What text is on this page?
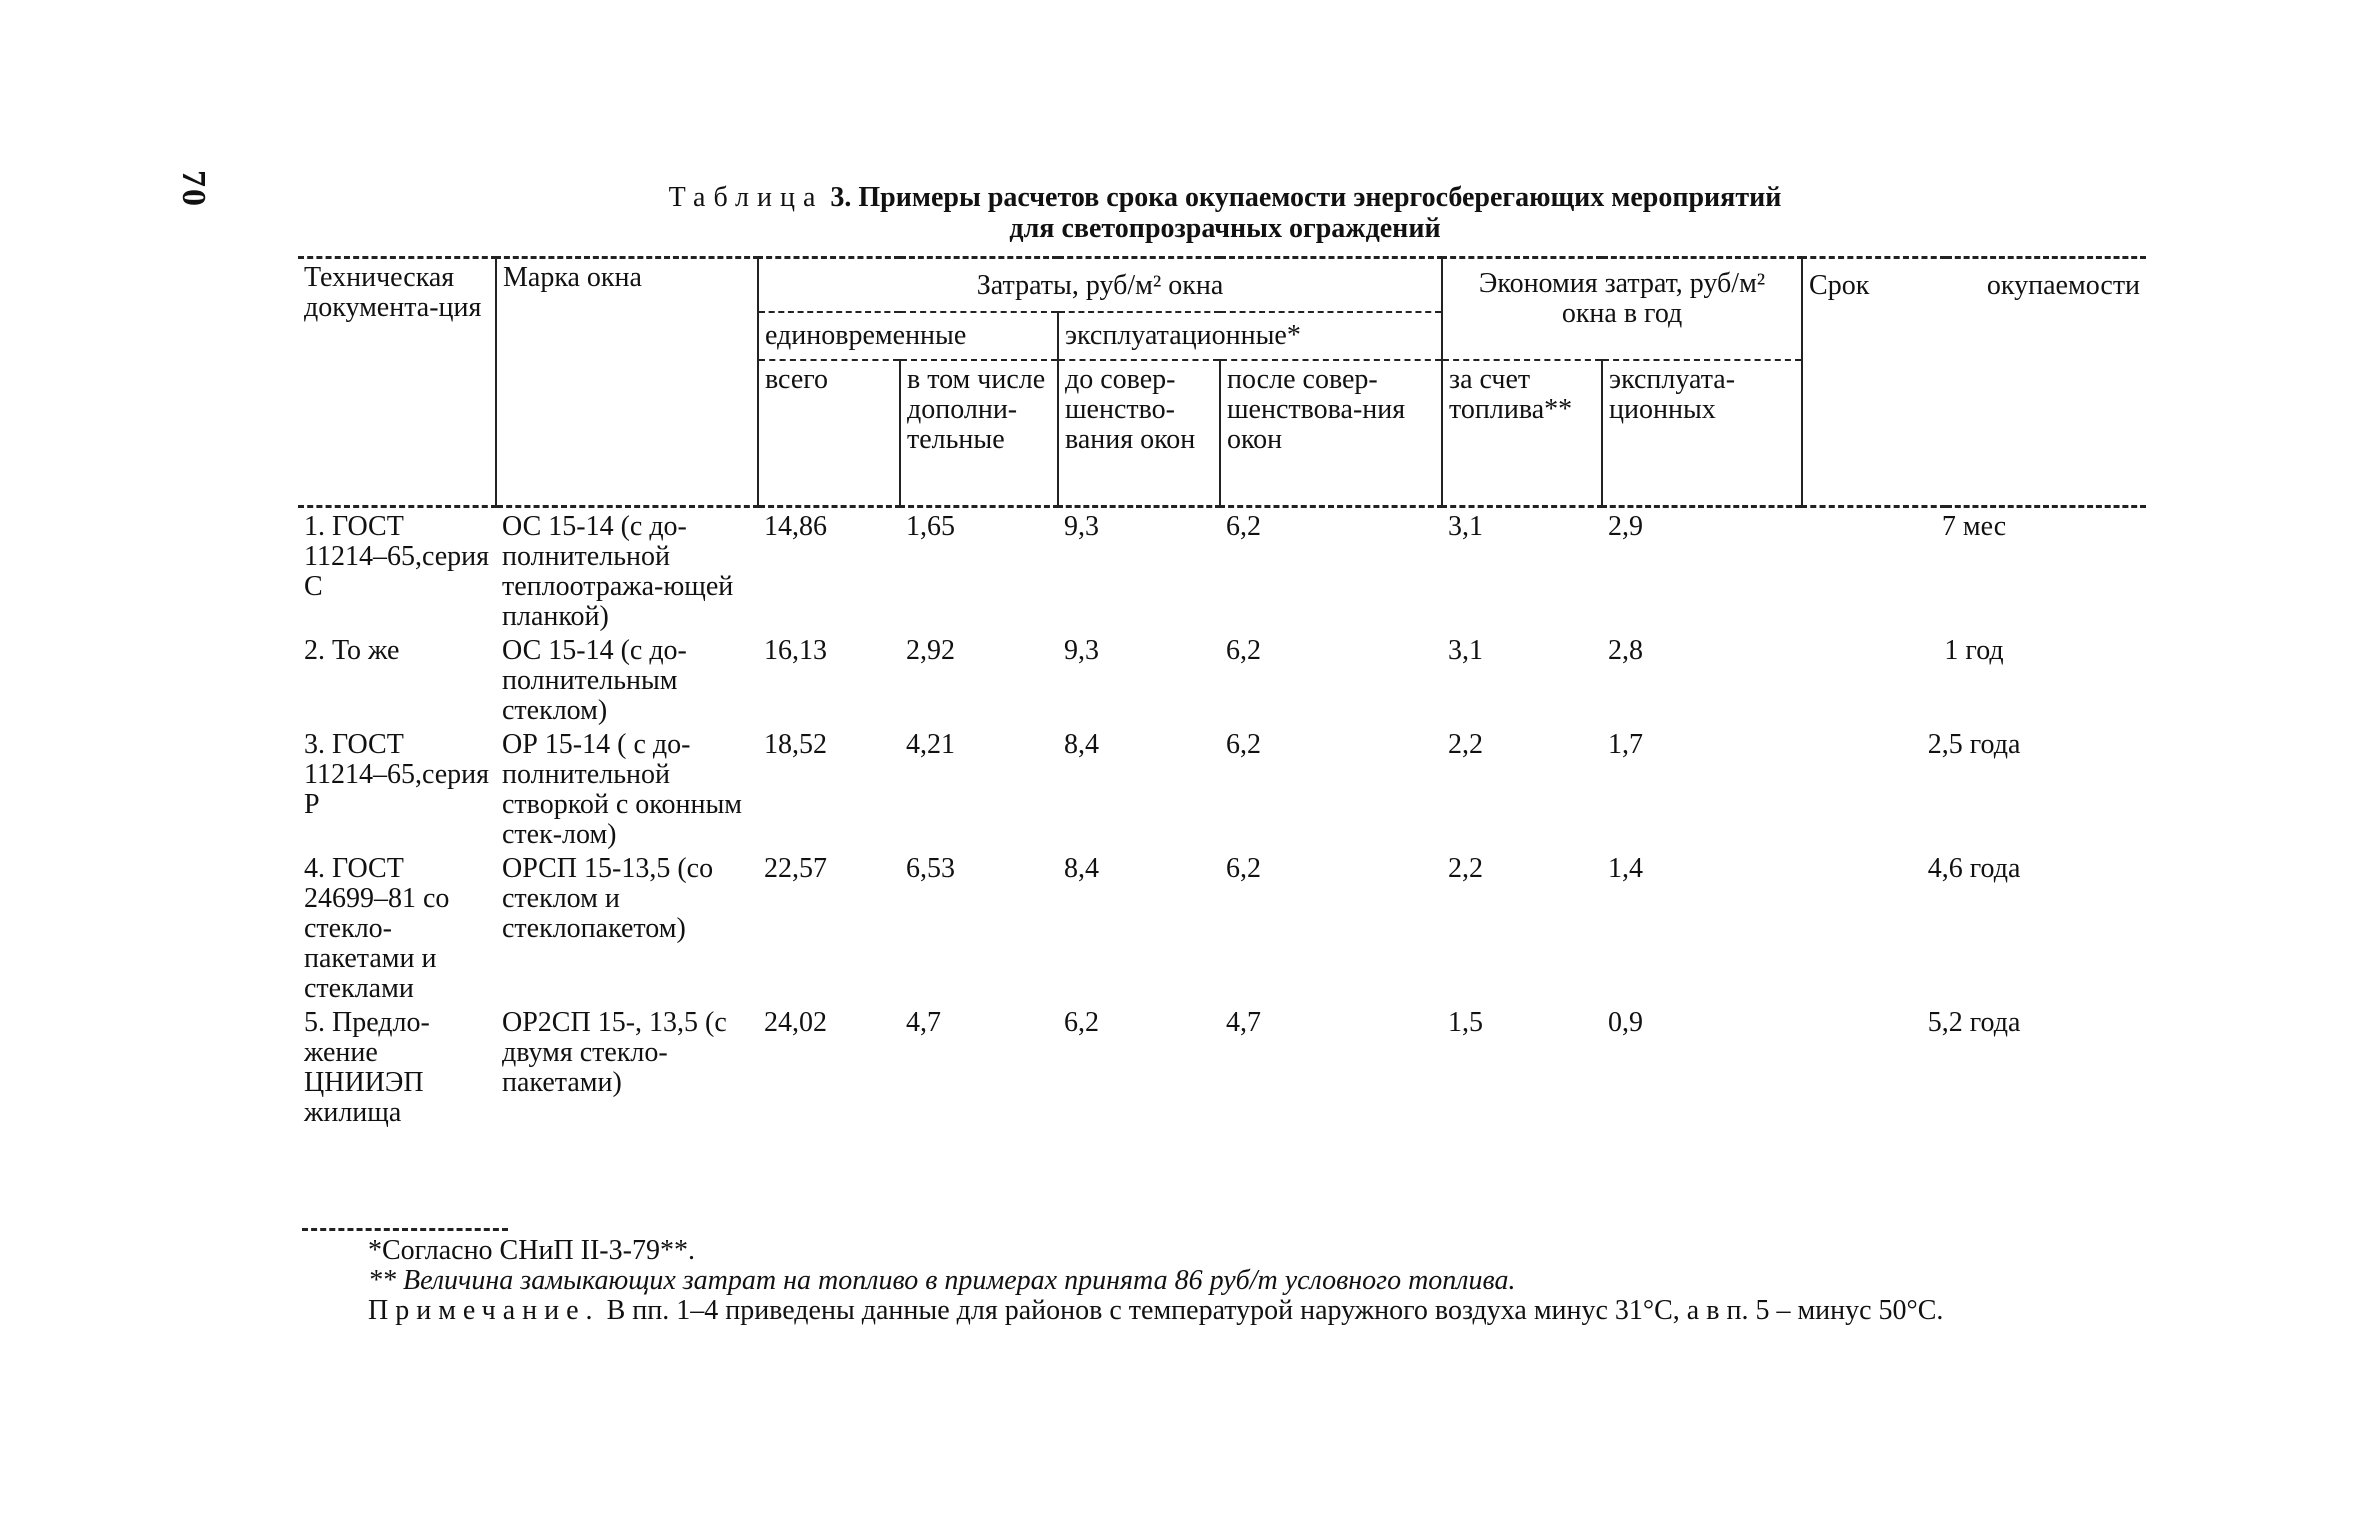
70	Таблица 3. Примеры расчетов срока окупаемости энергосберегающих мероприятий
для светопрозрачных ограждений
Техническая документа-ция	Марка окна	Затраты, руб/м² окна				Экономия затрат, руб/м² окна в год		Срок	окупаемости
		единовременные		эксплуатационные*					
		всего	в том числе дополни-тельные	до совер-шенство-вания окон	после совер-шенствова-ния окон	за счет топлива**	эксплуата-ционных		
1. ГОСТ 11214–65,серия С	ОС 15-14 (с до-полнительной теплоотража-ющей планкой)	14,86	1,65	9,3	6,2	3,1	2,9	7 мес	
2. То же	ОС 15-14 (с до-полнительным стеклом)	16,13	2,92	9,3	6,2	3,1	2,8	1 год	
3. ГОСТ 11214–65,серия Р	ОР 15-14 ( с до-полнительной створкой с оконным стек-лом)	18,52	4,21	8,4	6,2	2,2	1,7	2,5 года	
4. ГОСТ 24699–81 со стекло-пакетами и стеклами	ОРСП 15-13,5 (со стеклом и стеклопакетом)	22,57	6,53	8,4	6,2	2,2	1,4	4,6 года	
5. Предло-жение ЦНИИЭП жилища	ОР2СП 15-, 13,5 (с двумя стекло-пакетами)	24,02	4,7	6,2	4,7	1,5	0,9	5,2 года	

*Согласно СНиП II-3-79**.

** Величина замыкающих затрат на топливо в примерах принята 86 руб/т условного топлива.

Примечание. В пп. 1–4 приведены данные для районов с температурой наружного воздуха минус 31°С, а в п. 5 – минус 50°С.
